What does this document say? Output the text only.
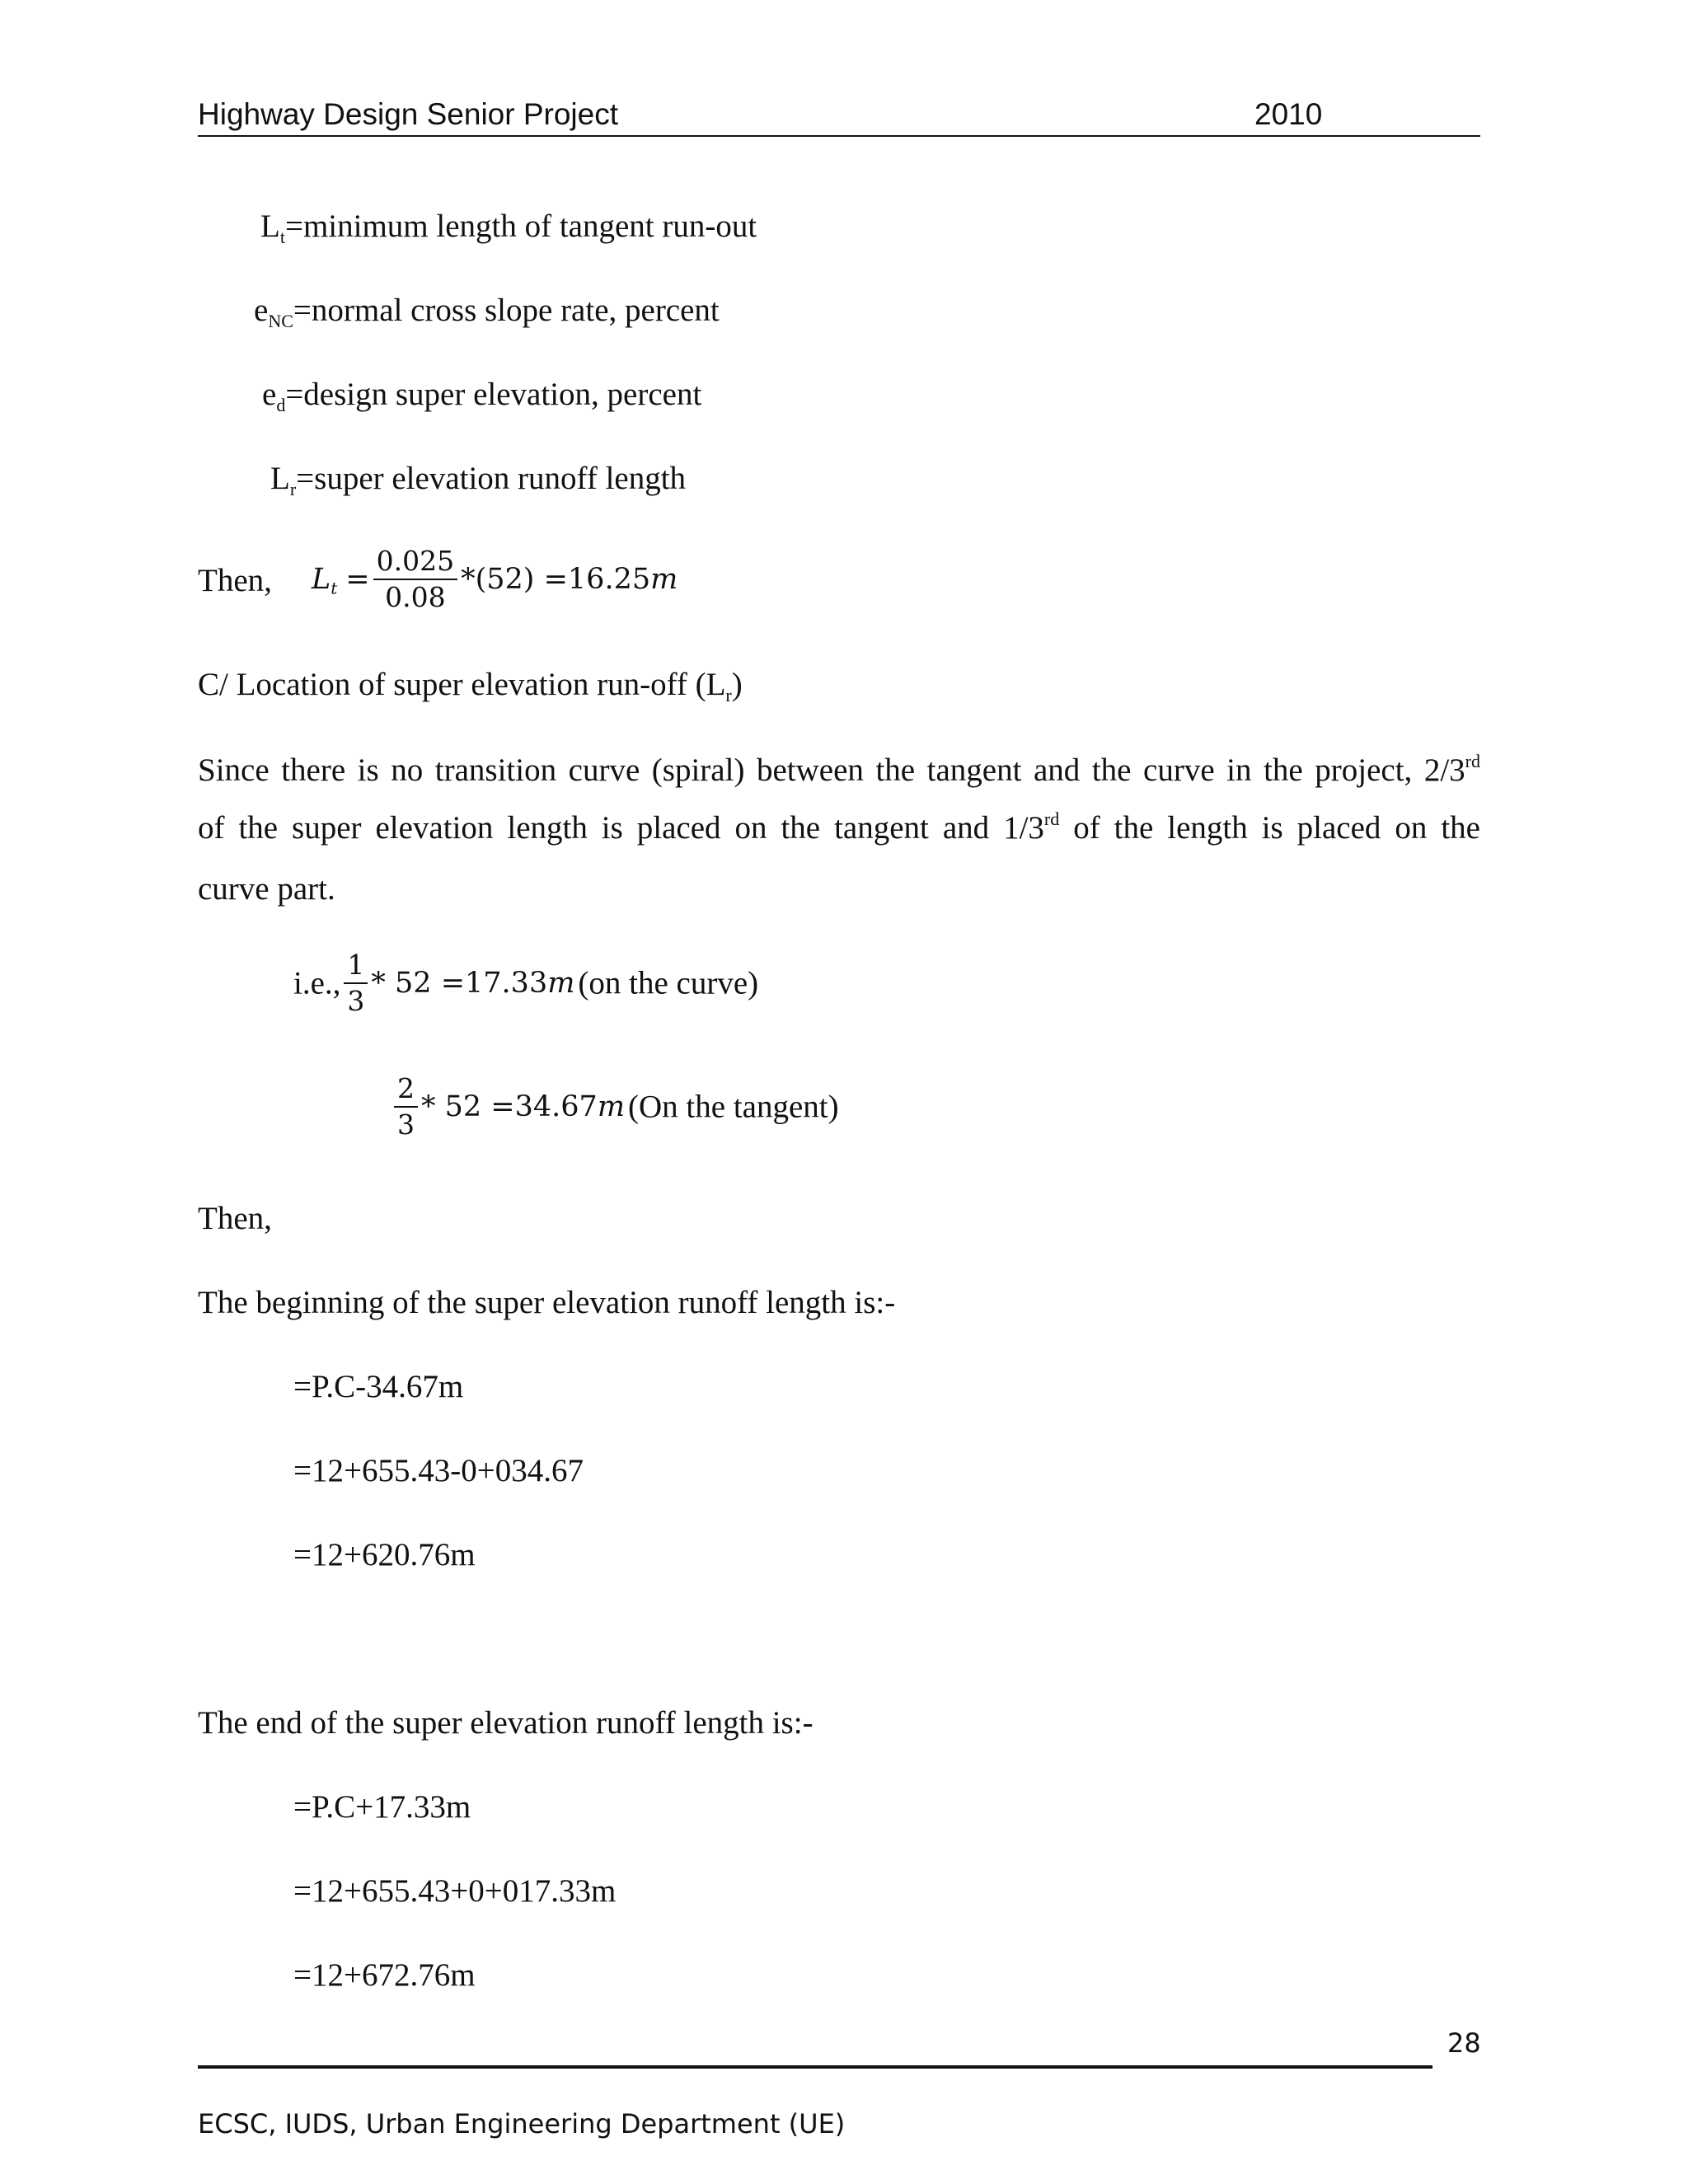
Highway Design Senior Project	2010
$L_t=minimum$ length of tangent run-out
$e_{NC}=normal$ cross slope rate, percent
$e_d=design$ super elevation, percent
$L_r=super$ elevation runoff length
Then, $Lt = \frac{0.025}{0.08} *(52) =16.25m$
C/ Location of super elevation run-off $(L_r)$
Since there is no transition curve (spiral) between the tangent and the curve in the project, 2/3rd
of the super elevation length is placed on the tangent and 1/3rd of the length is placed on the
curve part.
i.e., $\frac{1}{3} * 52 =17.33m$ (on the curve)
$\frac{2}{3} * 52 =34.67m$ (On the tangent)
Then,
The beginning of the super elevation runoff length is:-
=P.C-34.67m
=12+655.43-0+034.67
=12+620.76m
The end of the super elevation runoff length is:-
=P.C+17.33m
=12+655.43+0+017.33m
=12+672.76m
28
ECSC, IUDS, Urban Engineering Department (UE)
